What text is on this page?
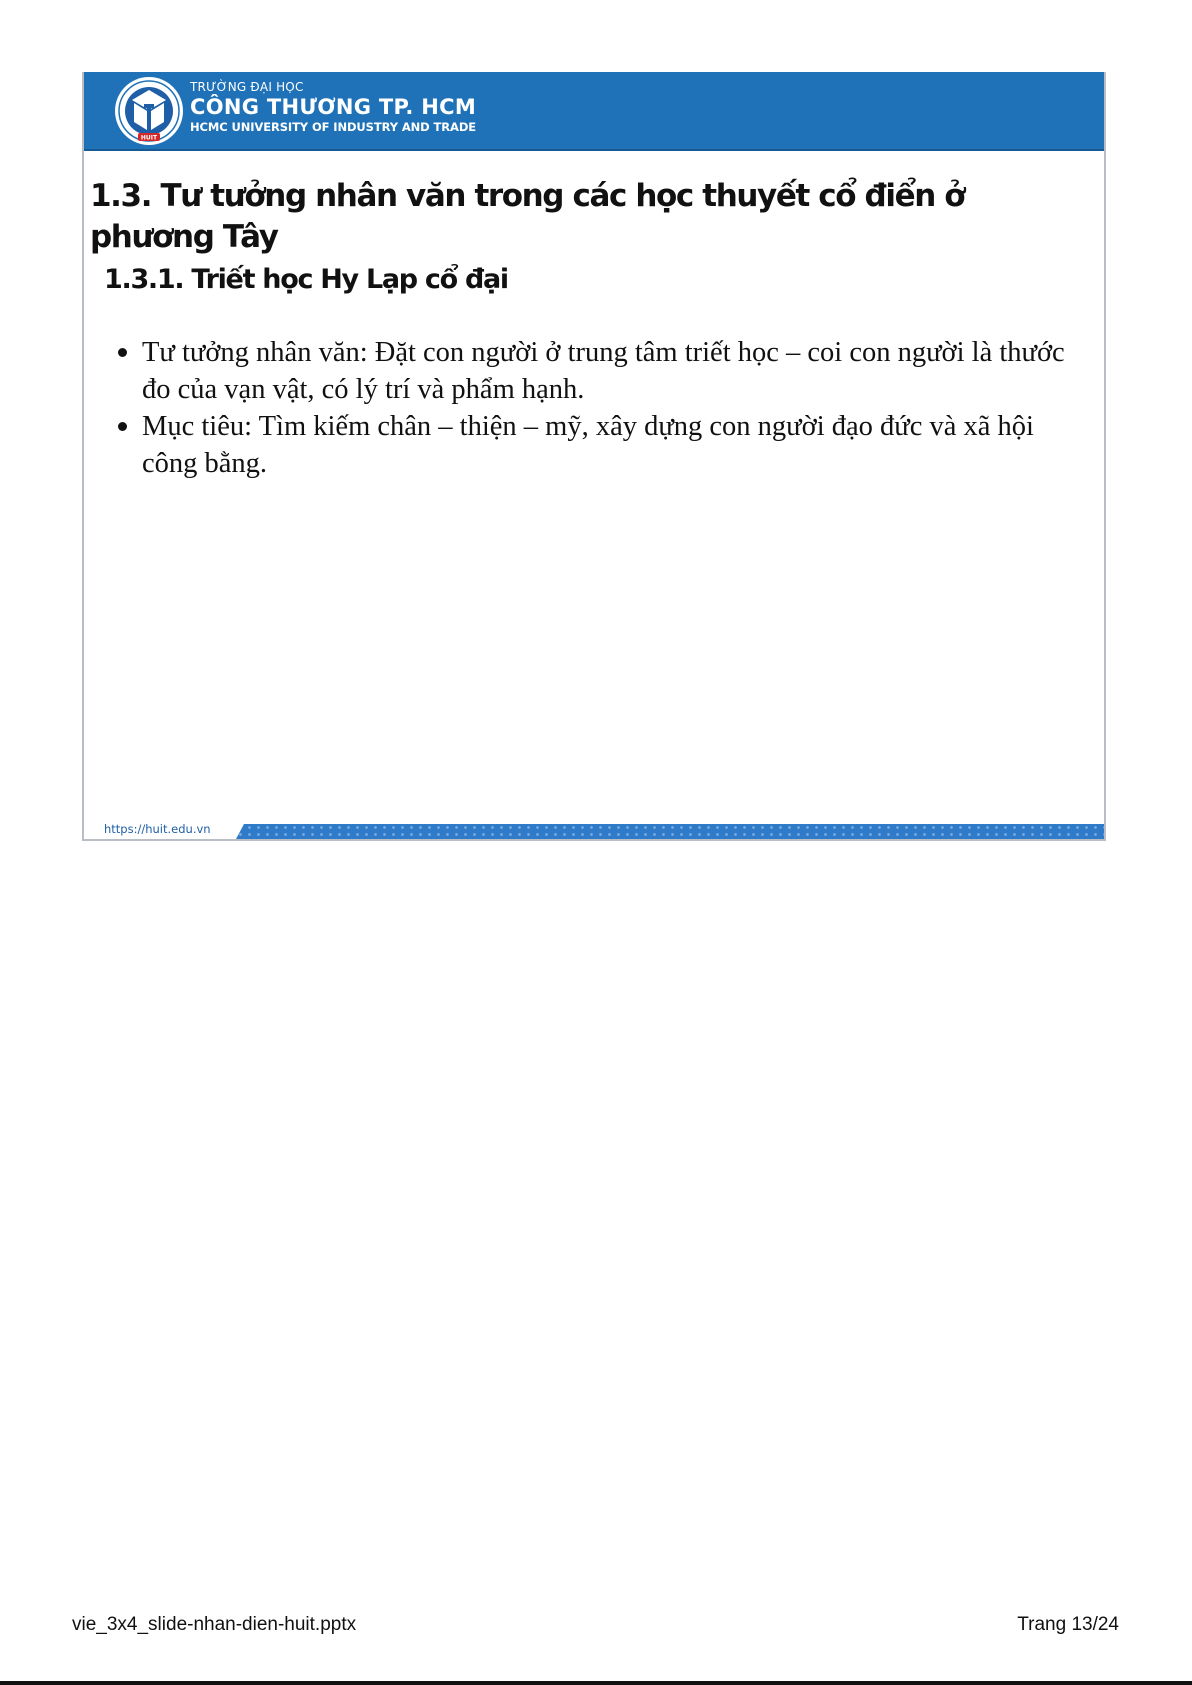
HUIT
TRƯỜNG ĐẠI HỌC
CÔNG THƯƠNG TP. HCM
HCMC UNIVERSITY OF INDUSTRY AND TRADE
1.3. Tư tưởng nhân văn trong các học thuyết cổ điển ở phương Tây
1.3.1. Triết học Hy Lạp cổ đại
Tư tưởng nhân văn: Đặt con người ở trung tâm triết học – coi con người là thước đo của vạn vật, có lý trí và phẩm hạnh.
Mục tiêu: Tìm kiếm chân – thiện – mỹ, xây dựng con người đạo đức và xã hội công bằng.
https://huit.edu.vn
vie_3x4_slide-nhan-dien-huit.pptx	Trang 13/24
